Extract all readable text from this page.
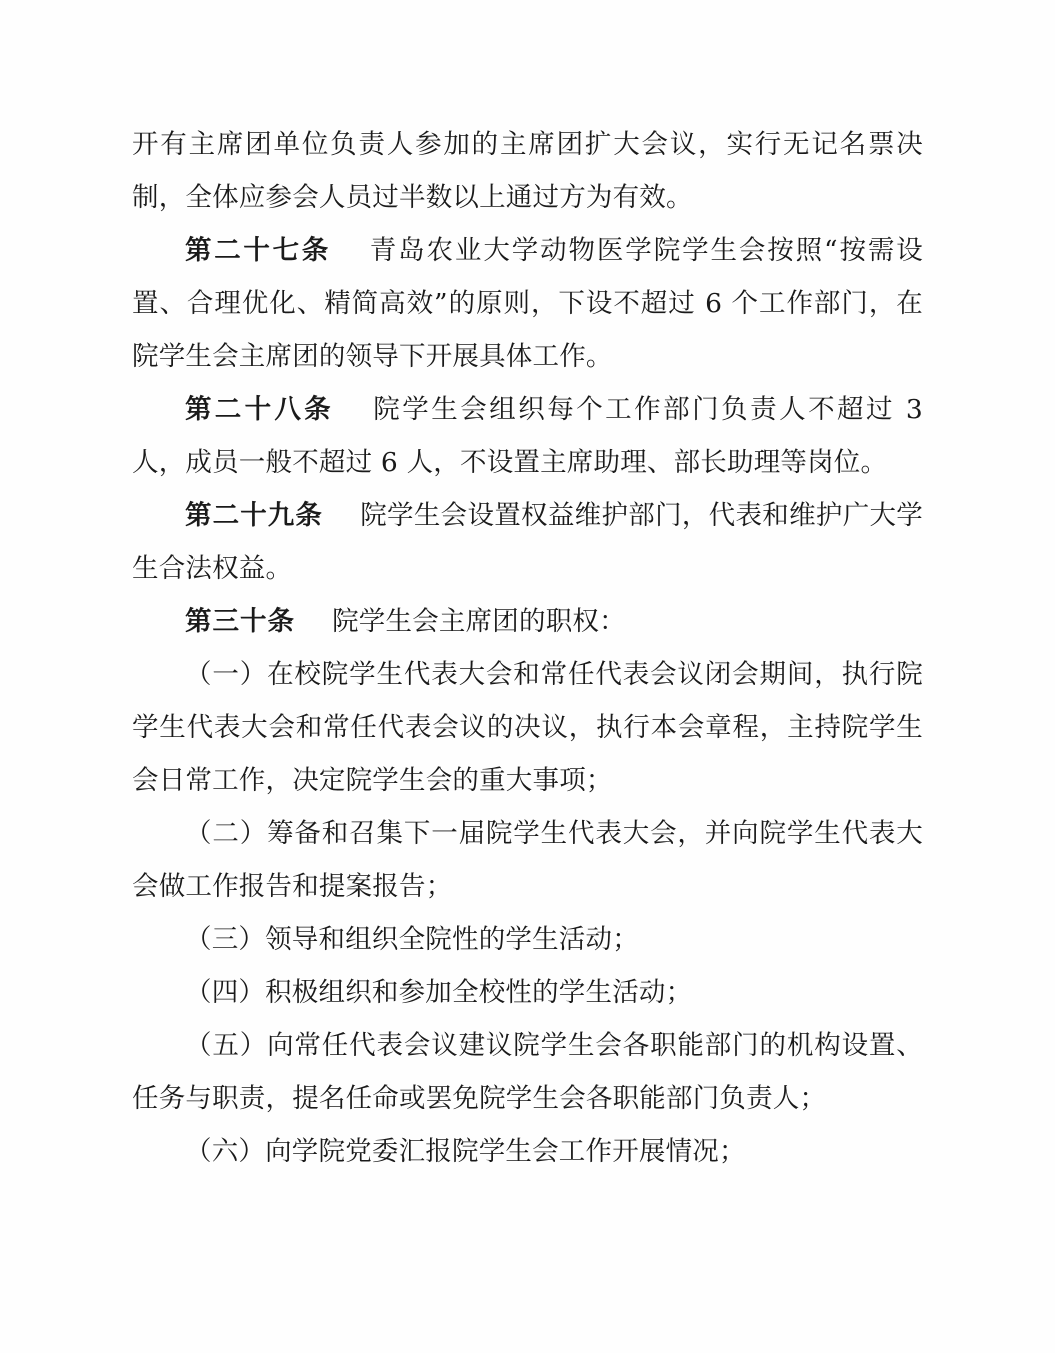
开有主席团单位负责人参加的主席团扩大会议，实行无记名票决制，全体应参会人员过半数以上通过方为有效。

第二十七条 青岛农业大学动物医学院学生会按照“按需设置、合理优化、精简高效”的原则，下设不超过 6 个工作部门，在院学生会主席团的领导下开展具体工作。

第二十八条 院学生会组织每个工作部门负责人不超过 3 人，成员一般不超过 6 人，不设置主席助理、部长助理等岗位。

第二十九条 院学生会设置权益维护部门，代表和维护广大学生合法权益。

第三十条 院学生会主席团的职权：

（一）在校院学生代表大会和常任代表会议闭会期间，执行院学生代表大会和常任代表会议的决议，执行本会章程，主持院学生会日常工作，决定院学生会的重大事项；

（二）筹备和召集下一届院学生代表大会，并向院学生代表大会做工作报告和提案报告；

（三）领导和组织全院性的学生活动；

（四）积极组织和参加全校性的学生活动；

（五）向常任代表会议建议院学生会各职能部门的机构设置、任务与职责，提名任命或罢免院学生会各职能部门负责人；

（六）向学院党委汇报院学生会工作开展情况；
